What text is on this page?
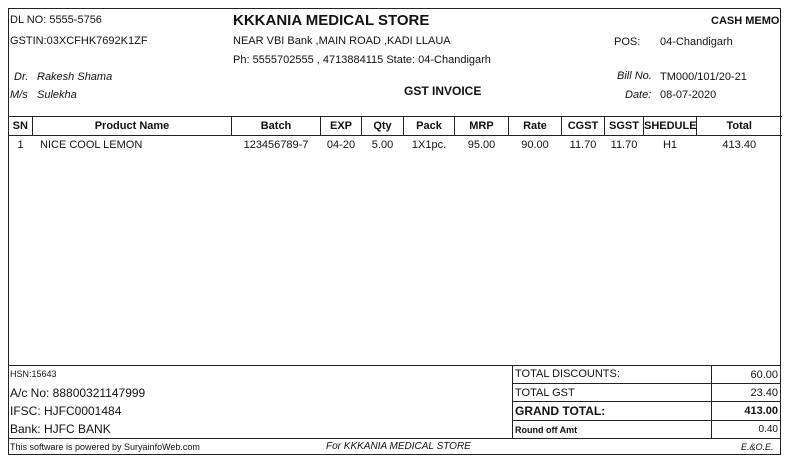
DL NO: 5555-5756
GSTIN:03XCFHK7692K1ZF
KKKANIA MEDICAL STORE
NEAR VBI Bank ,MAIN ROAD ,KADI LLAUA
Ph: 5555702555 , 4713884115 State: 04-Chandigarh
CASH MEMO
POS: 04-Chandigarh
Dr. Rakesh Shama
M/s Sulekha	GST INVOICE
Bill No. TM000/101/20-21
Date: 08-07-2020
SN	Product Name	Batch	EXP	Qty	Pack	MRP	Rate	CGST	SGST	SHEDULE	Total
1	NICE COOL LEMON	123456789-7	04-20	5.00	1X1pc.	95.00	90.00	11.70	11.70	H1	413.40
HSN:15643
A/c No: 88800321147999
IFSC: HJFC0001484
Bank: HJFC BANK
This software is powered by SuryainfoWeb.com	For KKKANIA MEDICAL STORE	E.&O.E.
TOTAL DISCOUNTS:	60.00
TOTAL GST	23.40
GRAND TOTAL:	413.00
Round off Amt	0.40
